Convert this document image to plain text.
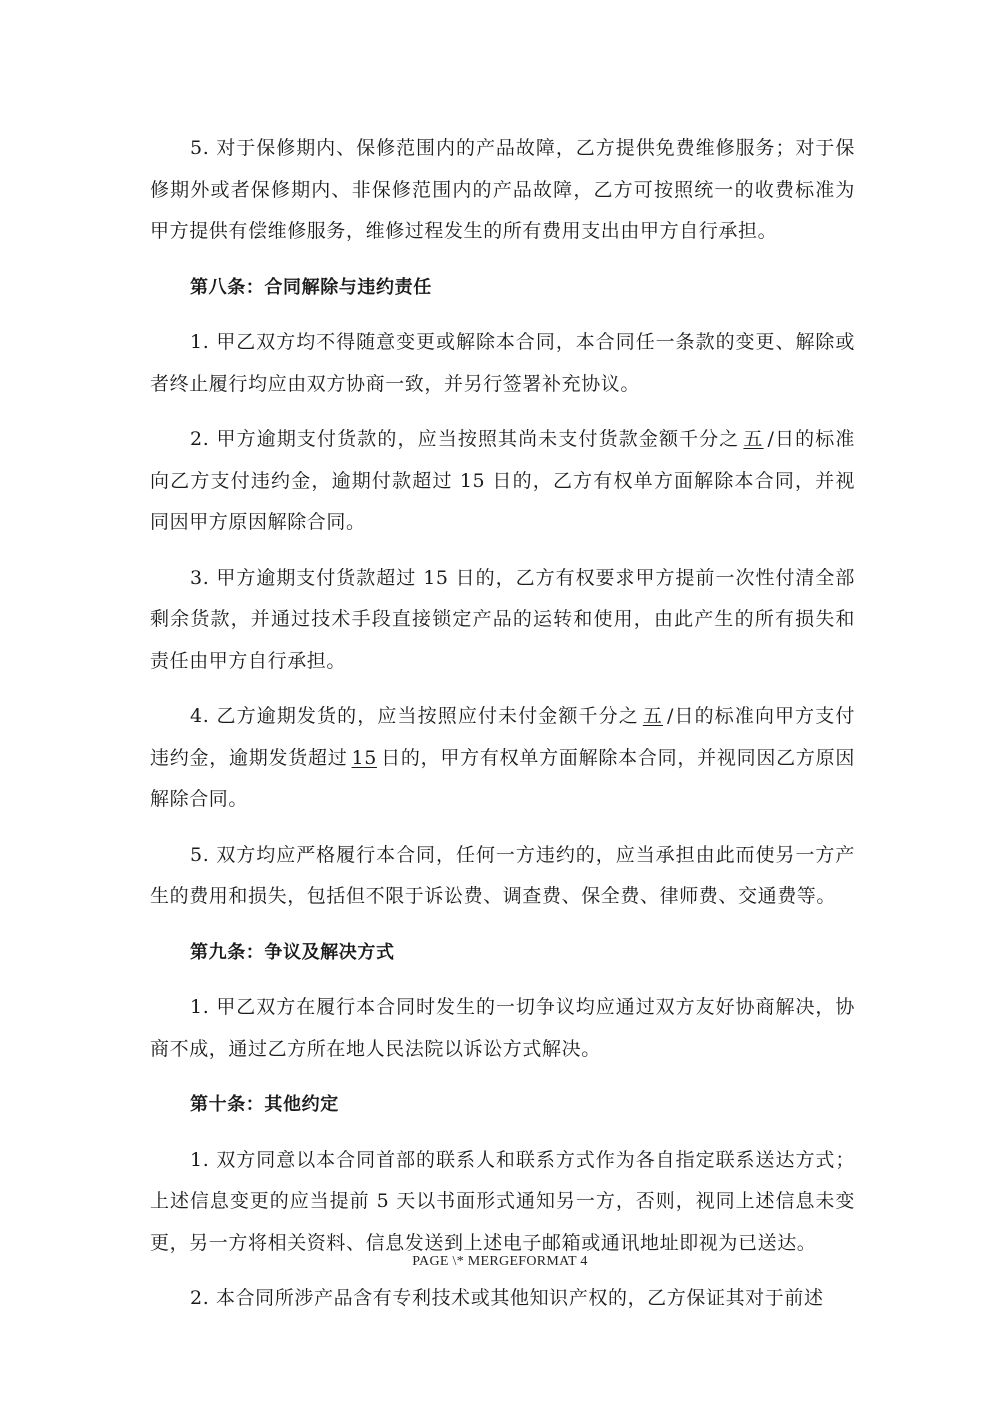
5. 对于保修期内、保修范围内的产品故障，乙方提供免费维修服务；对于保修期外或者保修期内、非保修范围内的产品故障，乙方可按照统一的收费标准为甲方提供有偿维修服务，维修过程发生的所有费用支出由甲方自行承担。

第八条：合同解除与违约责任

1. 甲乙双方均不得随意变更或解除本合同，本合同任一条款的变更、解除或者终止履行均应由双方协商一致，并另行签署补充协议。

2. 甲方逾期支付货款的，应当按照其尚未支付货款金额千分之 五 /日的标准向乙方支付违约金，逾期付款超过 15 日的，乙方有权单方面解除本合同，并视同因甲方原因解除合同。

3. 甲方逾期支付货款超过 15 日的，乙方有权要求甲方提前一次性付清全部剩余货款，并通过技术手段直接锁定产品的运转和使用，由此产生的所有损失和责任由甲方自行承担。

4. 乙方逾期发货的，应当按照应付未付金额千分之 五 /日的标准向甲方支付违约金，逾期发货超过 15 日的，甲方有权单方面解除本合同，并视同因乙方原因解除合同。

5. 双方均应严格履行本合同，任何一方违约的，应当承担由此而使另一方产生的费用和损失，包括但不限于诉讼费、调查费、保全费、律师费、交通费等。

第九条：争议及解决方式

1. 甲乙双方在履行本合同时发生的一切争议均应通过双方友好协商解决，协商不成，通过乙方所在地人民法院以诉讼方式解决。

第十条：其他约定

1. 双方同意以本合同首部的联系人和联系方式作为各自指定联系送达方式；上述信息变更的应当提前 5 天以书面形式通知另一方，否则，视同上述信息未变更，另一方将相关资料、信息发送到上述电子邮箱或通讯地址即视为已送达。

2. 本合同所涉产品含有专利技术或其他知识产权的，乙方保证其对于前述

PAGE \* MERGEFORMAT 4
